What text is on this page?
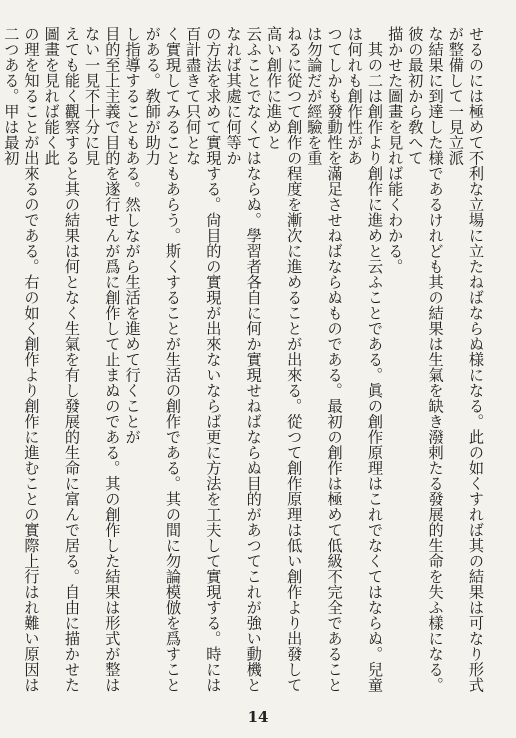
せるのには極めて不利な立場に立たねばならぬ様になる。此の如くすれば其の結果は可なり形式が整備して一見立派
な結果に到達した様であるけれども其の結果は生氣を缺き潑剌たる發展的生命を失ふ樣になる。彼の最初から敎へて
描かせた圖畫を見れば能くわかる。
　其の二は創作より創作に進めと云ふことである。眞の創作原理はこれでなくてはならぬ。兒童は何れも創作性があ
つてしかも發動性を滿足させねばならぬものである。最初の創作は極めて低級不完全であることは勿論だが經驗を重
ねるに從つて創作の程度を漸次に進めることが出來る。從つて創作原理は低い創作より出發して高い創作に進めと
云ふことでなくてはならぬ。學習者各自に何か實現せねばならぬ目的があつてこれが強い動機となれば其處に何等か
の方法を求めて實現する。尙目的の實現が出來ないならば更に方法を工夫して實現する。時には百計盡きて只何とな
く實現してみることもあらう。斯くすることが生活の創作である。其の間に勿論模倣を爲すことがある。敎師が助力
し指導することもある。然しながら生活を進めて行くことが
目的至上主義で目的を遂行せんが爲に創作して止まぬのである。其の創作した結果は形式が整はない一見不十分に見
えても能く觀察すると其の結果は何となく生氣を有し發展的生命に富んで居る。自由に描かせた圖畫を見れば能く此
の理を知ることが出來るのである。右の如く創作より創作に進むことの實際上行はれ難い原因は二つある。甲は最初
14
